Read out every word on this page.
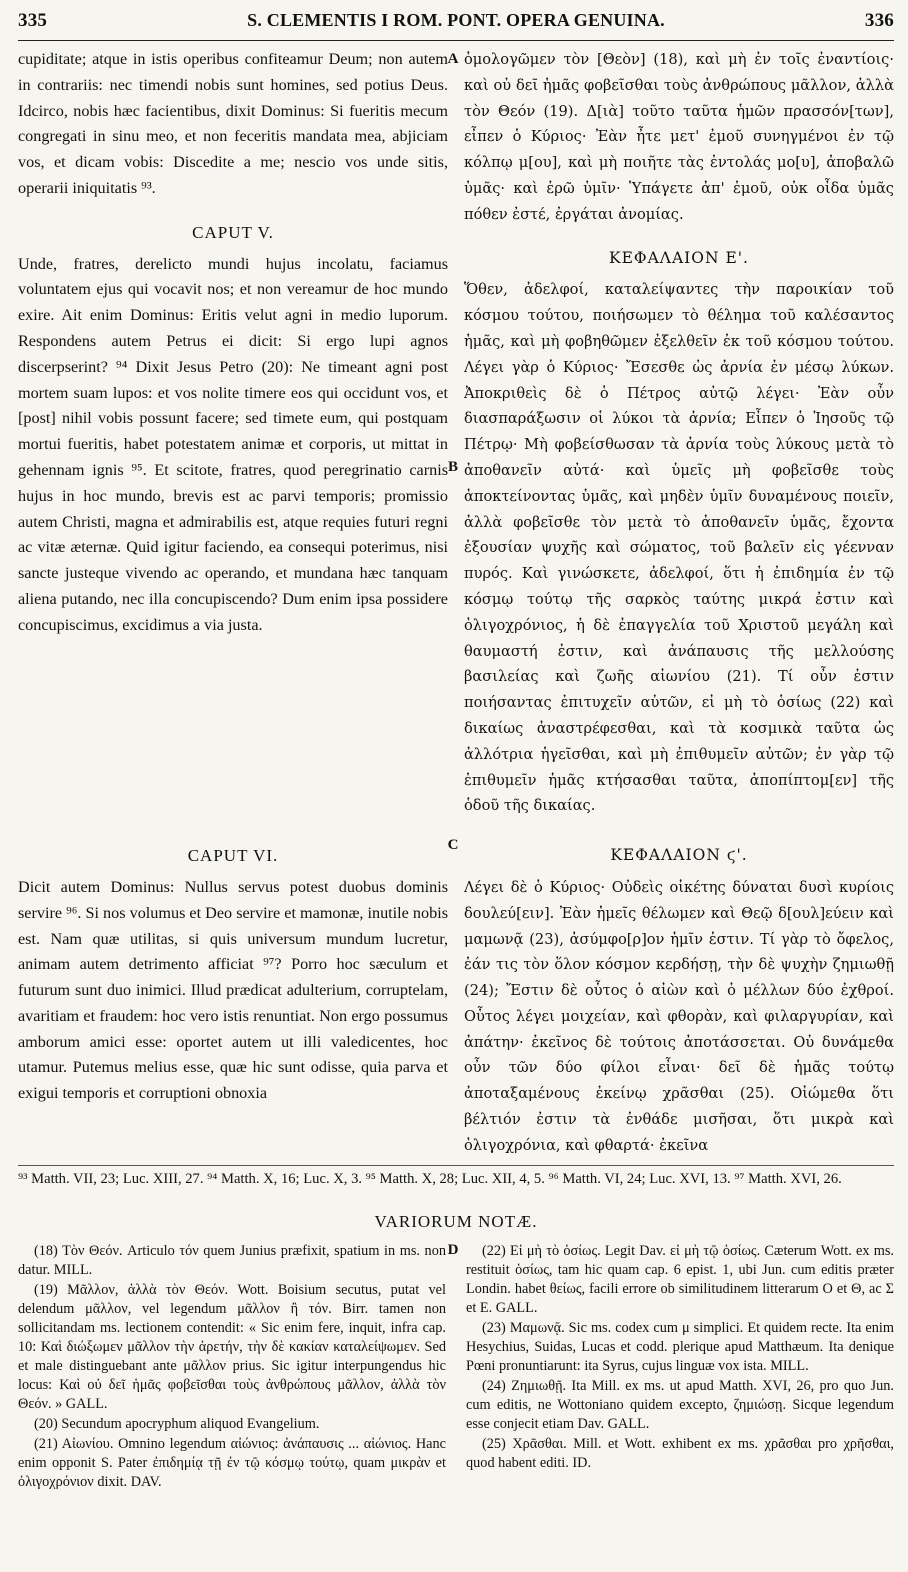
335	S. CLEMENTIS I ROM. PONT. OPERA GENUINA.	336
A
B
C

cupiditate; atque in istis operibus confiteamur Deum; non autem in contrariis: nec timendi nobis sunt homines, sed potius Deus. Idcirco, nobis hæc facientibus, dixit Dominus: Si fueritis mecum congregati in sinu meo, et non feceritis mandata mea, abjiciam vos, et dicam vobis: Discedite a me; nescio vos unde sitis, operarii iniquitatis ⁹³.

CAPUT V.

Unde, fratres, derelicto mundi hujus incolatu, faciamus voluntatem ejus qui vocavit nos; et non vereamur de hoc mundo exire. Ait enim Dominus: Eritis velut agni in medio luporum. Respondens autem Petrus ei dicit: Si ergo lupi agnos discerpserint? ⁹⁴ Dixit Jesus Petro (20): Ne timeant agni post mortem suam lupos: et vos nolite timere eos qui occidunt vos, et [post] nihil vobis possunt facere; sed timete eum, qui postquam mortui fueritis, habet potestatem animæ et corporis, ut mittat in gehennam ignis ⁹⁵. Et scitote, fratres, quod peregrinatio carnis hujus in hoc mundo, brevis est ac parvi temporis; promissio autem Christi, magna et admirabilis est, atque requies futuri regni ac vitæ æternæ. Quid igitur faciendo, ea consequi poterimus, nisi sancte justeque vivendo ac operando, et mundana hæc tanquam aliena putando, nec illa concupiscendo? Dum enim ipsa possidere concupiscimus, excidimus a via justa.

ὁμολογῶμεν τὸν [Θεὸν] (18), καὶ μὴ ἐν τοῖς ἐναντίοις· καὶ οὐ δεῖ ἡμᾶς φοβεῖσθαι τοὺς ἀνθρώπους μᾶλλον, ἀλλὰ τὸν Θεόν (19). Δ[ιὰ] τοῦτο ταῦτα ἡμῶν πρασσόν[των], εἶπεν ὁ Κύριος· Ἐὰν ἦτε μετ' ἐμοῦ συνηγμένοι ἐν τῷ κόλπῳ μ[ου], καὶ μὴ ποιῆτε τὰς ἐντολάς μο[υ], ἀποβαλῶ ὑμᾶς· καὶ ἐρῶ ὑμῖν· Ὑπάγετε ἀπ' ἐμοῦ, οὐκ οἶδα ὑμᾶς πόθεν ἐστέ, ἐργάται ἀνομίας.

ΚΕΦΑΛΑΙΟΝ Ε'.

Ὅθεν, ἀδελφοί, καταλείψαντες τὴν παροικίαν τοῦ κόσμου τούτου, ποιήσωμεν τὸ θέλημα τοῦ καλέσαντος ἡμᾶς, καὶ μὴ φοβηθῶμεν ἐξελθεῖν ἐκ τοῦ κόσμου τούτου. Λέγει γὰρ ὁ Κύριος· Ἔσεσθε ὡς ἀρνία ἐν μέσῳ λύκων. Ἀποκριθεὶς δὲ ὁ Πέτρος αὐτῷ λέγει· Ἐὰν οὖν διασπαράξωσιν οἱ λύκοι τὰ ἀρνία; Εἶπεν ὁ Ἰησοῦς τῷ Πέτρῳ· Μὴ φοβείσθωσαν τὰ ἀρνία τοὺς λύκους μετὰ τὸ ἀποθανεῖν αὐτά· καὶ ὑμεῖς μὴ φοβεῖσθε τοὺς ἀποκτείνοντας ὑμᾶς, καὶ μηδὲν ὑμῖν δυναμένους ποιεῖν, ἀλλὰ φοβεῖσθε τὸν μετὰ τὸ ἀποθανεῖν ὑμᾶς, ἔχοντα ἐξουσίαν ψυχῆς καὶ σώματος, τοῦ βαλεῖν εἰς γέενναν πυρός. Καὶ γινώσκετε, ἀδελφοί, ὅτι ἡ ἐπιδημία ἐν τῷ κόσμῳ τούτῳ τῆς σαρκὸς ταύτης μικρά ἐστιν καὶ ὀλιγοχρόνιος, ἡ δὲ ἐπαγγελία τοῦ Χριστοῦ μεγάλη καὶ θαυμαστή ἐστιν, καὶ ἀνάπαυσις τῆς μελλούσης βασιλείας καὶ ζωῆς αἰωνίου (21). Τί οὖν ἐστιν ποιήσαντας ἐπιτυχεῖν αὐτῶν, εἰ μὴ τὸ ὁσίως (22) καὶ δικαίως ἀναστρέφεσθαι, καὶ τὰ κοσμικὰ ταῦτα ὡς ἀλλότρια ἡγεῖσθαι, καὶ μὴ ἐπιθυμεῖν αὐτῶν; ἐν γὰρ τῷ ἐπιθυμεῖν ἡμᾶς κτήσασθαι ταῦτα, ἀποπίπτομ[εν] τῆς ὁδοῦ τῆς δικαίας.

CAPUT VI.

Dicit autem Dominus: Nullus servus potest duobus dominis servire ⁹⁶. Si nos volumus et Deo servire et mamonæ, inutile nobis est. Nam quæ utilitas, si quis universum mundum lucretur, animam autem detrimento afficiat ⁹⁷? Porro hoc sæculum et futurum sunt duo inimici. Illud prædicat adulterium, corruptelam, avaritiam et fraudem: hoc vero istis renuntiat. Non ergo possumus amborum amici esse: oportet autem ut illi valedicentes, hoc utamur. Putemus melius esse, quæ hic sunt odisse, quia parva et exigui temporis et corruptioni obnoxia

ΚΕΦΑΛΑΙΟΝ ϛ'.

Λέγει δὲ ὁ Κύριος· Οὐδεὶς οἰκέτης δύναται δυσὶ κυρίοις δουλεύ[ειν]. Ἐὰν ἡμεῖς θέλωμεν καὶ Θεῷ δ[ουλ]εύειν καὶ μαμωνᾷ (23), ἀσύμφο[ρ]ον ἡμῖν ἐστιν. Τί γὰρ τὸ ὄφελος, ἐάν τις τὸν ὅλον κόσμον κερδήσῃ, τὴν δὲ ψυχὴν ζημιωθῇ (24); Ἔστιν δὲ οὗτος ὁ αἰὼν καὶ ὁ μέλλων δύο ἐχθροί. Οὗτος λέγει μοιχείαν, καὶ φθορὰν, καὶ φιλαργυρίαν, καὶ ἀπάτην· ἐκεῖνος δὲ τούτοις ἀποτάσσεται. Οὐ δυνάμεθα οὖν τῶν δύο φίλοι εἶναι· δεῖ δὲ ἡμᾶς τούτῳ ἀποταξαμένους ἐκείνῳ χρᾶσθαι (25). Οἰώμεθα ὅτι βέλτιόν ἐστιν τὰ ἐνθάδε μισῆσαι, ὅτι μικρὰ καὶ ὀλιγοχρόνια, καὶ φθαρτά· ἐκεῖνα

⁹³ Matth. VII, 23; Luc. XIII, 27. ⁹⁴ Matth. X, 16; Luc. X, 3. ⁹⁵ Matth. X, 28; Luc. XII, 4, 5. ⁹⁶ Matth. VI, 24; Luc. XVI, 13. ⁹⁷ Matth. XVI, 26.
VARIORUM NOTÆ.
D

(18) Τὸν Θεόν. Articulo τόν quem Junius præfixit, spatium in ms. non datur. MILL.

(19) Μᾶλλον, ἀλλὰ τὸν Θεόν. Wott. Boisium secutus, putat vel delendum μᾶλλον, vel legendum μᾶλλον ἢ τόν. Birr. tamen non sollicitandam ms. lectionem contendit: « Sic enim fere, inquit, infra cap. 10: Καὶ διώξωμεν μᾶλλον τὴν ἀρετήν, τὴν δὲ κακίαν καταλείψωμεν. Sed et male distinguebant ante μᾶλλον prius. Sic igitur interpungendus hic locus: Καὶ οὐ δεῖ ἡμᾶς φοβεῖσθαι τοὺς ἀνθρώπους μᾶλλον, ἀλλὰ τὸν Θεόν. » GALL.

(20) Secundum apocryphum aliquod Evangelium.

(21) Αἰωνίου. Omnino legendum αἰώνιος: ἀνάπαυσις ... αἰώνιος. Hanc enim opponit S. Pater ἐπιδημίᾳ τῇ ἐν τῷ κόσμῳ τούτῳ, quam μικρὰν et ὀλιγοχρόνιον dixit. DAV.

(22) Εἰ μὴ τὸ ὁσίως. Legit Dav. εἰ μὴ τῷ ὁσίως. Cæterum Wott. ex ms. restituit ὁσίως, tam hic quam cap. 6 epist. 1, ubi Jun. cum editis præter Londin. habet θείως, facili errore ob similitudinem litterarum O et Θ, ac Σ et E. GALL.

(23) Μαμωνᾷ. Sic ms. codex cum μ simplici. Et quidem recte. Ita enim Hesychius, Suidas, Lucas et codd. plerique apud Matthæum. Ita denique Pœni pronuntiarunt: ita Syrus, cujus linguæ vox ista. MILL.

(24) Ζημιωθῇ. Ita Mill. ex ms. ut apud Matth. XVI, 26, pro quo Jun. cum editis, ne Wottoniano quidem excepto, ζημιώσῃ. Sicque legendum esse conjecit etiam Dav. GALL.

(25) Χρᾶσθαι. Mill. et Wott. exhibent ex ms. χρᾶσθαι pro χρῆσθαι, quod habent editi. ID.
